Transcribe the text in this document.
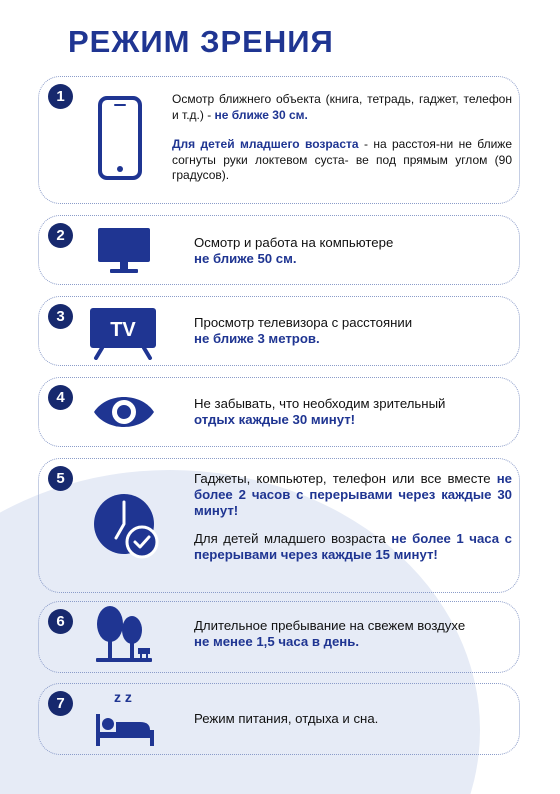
РЕЖИМ ЗРЕНИЯ
1	Осмотр ближнего объекта (книга, тетрадь, гаджет, телефон и т.д.) - не ближе 30 см.
Для детей младшего возраста - на расстоя-ни не ближе согнуты руки локтевом суста- ве под прямым углом (90 градусов).
2	Осмотр и работа на компьютере
не ближе 50 см.
3
TV	Просмотр телевизора с расстоянии
не ближе 3 метров.
4	Не забывать, что необходим зрительный
отдых каждые 30 минут!
5	Гаджеты, компьютер, телефон или все вместе не более 2 часов с перерывами через каждые 30 минут!
Для детей младшего возраста не более 1 часа с перерывами через каждые 15 минут!
6	Длительное пребывание на свежем воздухе
не менее 1,5 часа в день.
7	z z
Режим питания, отдыха и сна.
